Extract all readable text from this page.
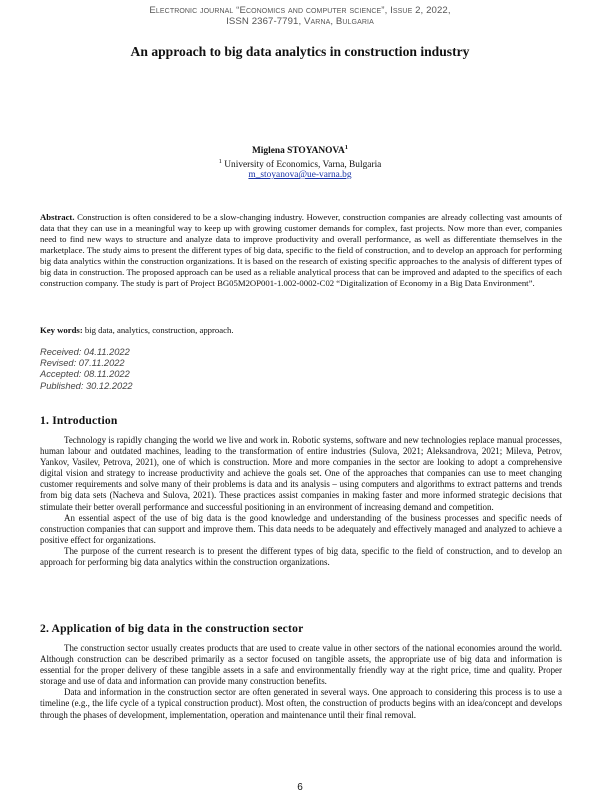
Electronic journal “Economics and computer science”, Issue 2, 2022,
ISSN 2367-7791, Varna, Bulgaria
An approach to big data analytics in construction industry
Miglena STOYANOVA$^1$
$^1$ University of Economics, Varna, Bulgaria
m_stoyanova@ue-varna.bg
Abstract. Construction is often considered to be a slow-changing industry. However, construction companies are already collecting vast amounts of data that they can use in a meaningful way to keep up with growing customer demands for complex, fast projects. Now more than ever, companies need to find new ways to structure and analyze data to improve productivity and overall performance, as well as differentiate themselves in the marketplace. The study aims to present the different types of big data, specific to the field of construction, and to develop an approach for performing big data analytics within the construction organizations. It is based on the research of existing specific approaches to the analysis of different types of big data in construction. The proposed approach can be used as a reliable analytical process that can be improved and adapted to the specifics of each construction company. The study is part of Project BG05M2OP001-1.002-0002-C02 “Digitalization of Economy in a Big Data Environment”.
Key words: big data, analytics, construction, approach.
Received: 04.11.2022
Revised: 07.11.2022
Accepted: 08.11.2022
Published: 30.12.2022
1. Introduction

Technology is rapidly changing the world we live and work in. Robotic systems, software and new technologies replace manual processes, human labour and outdated machines, leading to the transformation of entire industries (Sulova, 2021; Aleksandrova, 2021; Mileva, Petrov, Yankov, Vasilev, Petrova, 2021), one of which is construction. More and more companies in the sector are looking to adopt a comprehensive digital vision and strategy to increase productivity and achieve the goals set. One of the approaches that companies can use to meet changing customer requirements and solve many of their problems is data and its analysis – using computers and algorithms to extract patterns and trends from big data sets (Nacheva and Sulova, 2021). These practices assist companies in making faster and more informed strategic decisions that stimulate their better overall performance and successful positioning in an environment of increasing demand and competition.

An essential aspect of the use of big data is the good knowledge and understanding of the business processes and specific needs of construction companies that can support and improve them. This data needs to be adequately and effectively managed and analyzed to achieve a positive effect for organizations.

The purpose of the current research is to present the different types of big data, specific to the field of construction, and to develop an approach for performing big data analytics within the construction organizations.

2. Application of big data in the construction sector

The construction sector usually creates products that are used to create value in other sectors of the national economies around the world. Although construction can be described primarily as a sector focused on tangible assets, the appropriate use of big data and information is essential for the proper delivery of these tangible assets in a safe and environmentally friendly way at the right price, time and quality. Proper storage and use of data and information can provide many construction benefits.

Data and information in the construction sector are often generated in several ways. One approach to considering this process is to use a timeline (e.g., the life cycle of a typical construction product). Most often, the construction of products begins with an idea/concept and develops through the phases of development, implementation, operation and maintenance until their final removal.

6
